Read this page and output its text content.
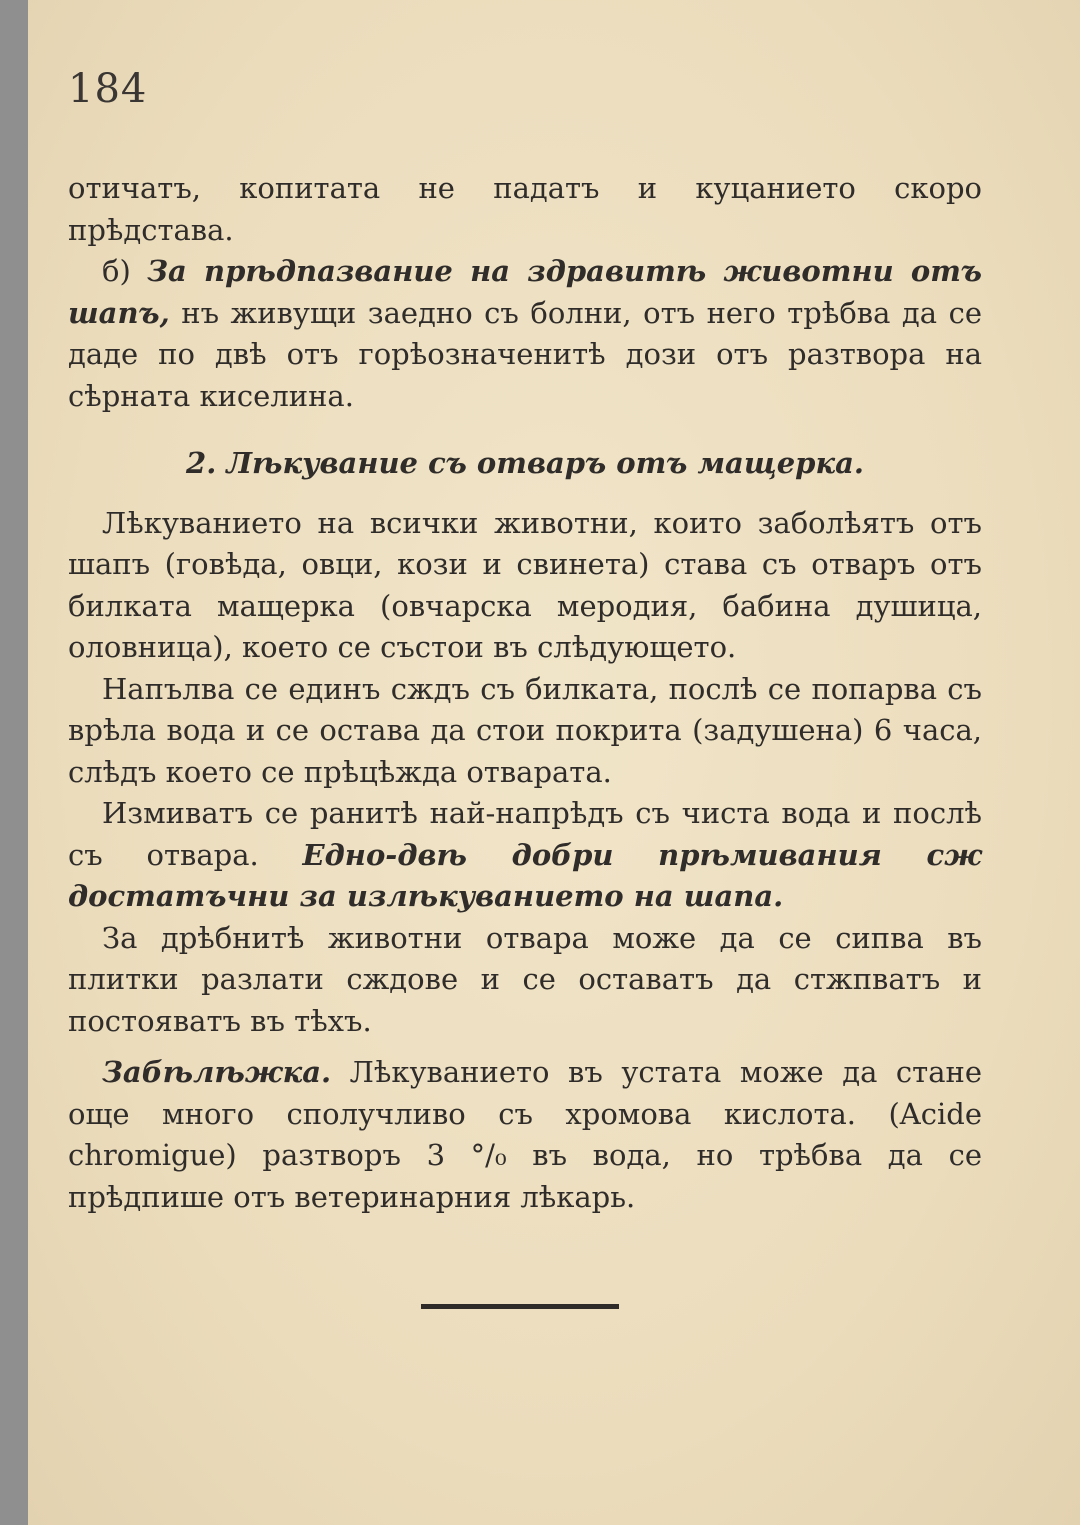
184

отичатъ, копитата не падатъ и куцанието скоро прѣдстава.

б) За прѣдпазвание на здравитѣ животни отъ шапъ, нъ живущи заедно съ болни, отъ него трѣбва да се даде по двѣ отъ горѣозначенитѣ дози отъ разтвора на сѣрната киселина.

2. Лѣкувание съ отваръ отъ мащерка.

Лѣкуванието на всички животни, които заболѣятъ отъ шапъ (говѣда, овци, кози и свинета) става съ отваръ отъ билката мащерка (овчарска меродия, бабина душица, оловница), което се състои въ слѣдующето.

Напълва се единъ сждъ съ билката, послѣ се попарва съ врѣла вода и се остава да стои покрита (задушена) 6 часа, слѣдъ което се прѣцѣжда отварата.

Измиватъ се ранитѣ най-напрѣдъ съ чиста вода и послѣ съ отвара. Едно-двѣ добри прѣмивания сж достатъчни за излѣкуванието на шапа.

За дрѣбнитѣ животни отвара може да се сипва въ плитки разлати сждове и се оставатъ да стжпватъ и постояватъ въ тѣхъ.

Забѣлѣжка. Лѣкуванието въ устата може да стане още много сполучливо съ хромова кислота. (Acide chromigue) разтворъ 3 °/₀ въ вода, но трѣбва да се прѣдпише отъ ветеринарния лѣкарь.
